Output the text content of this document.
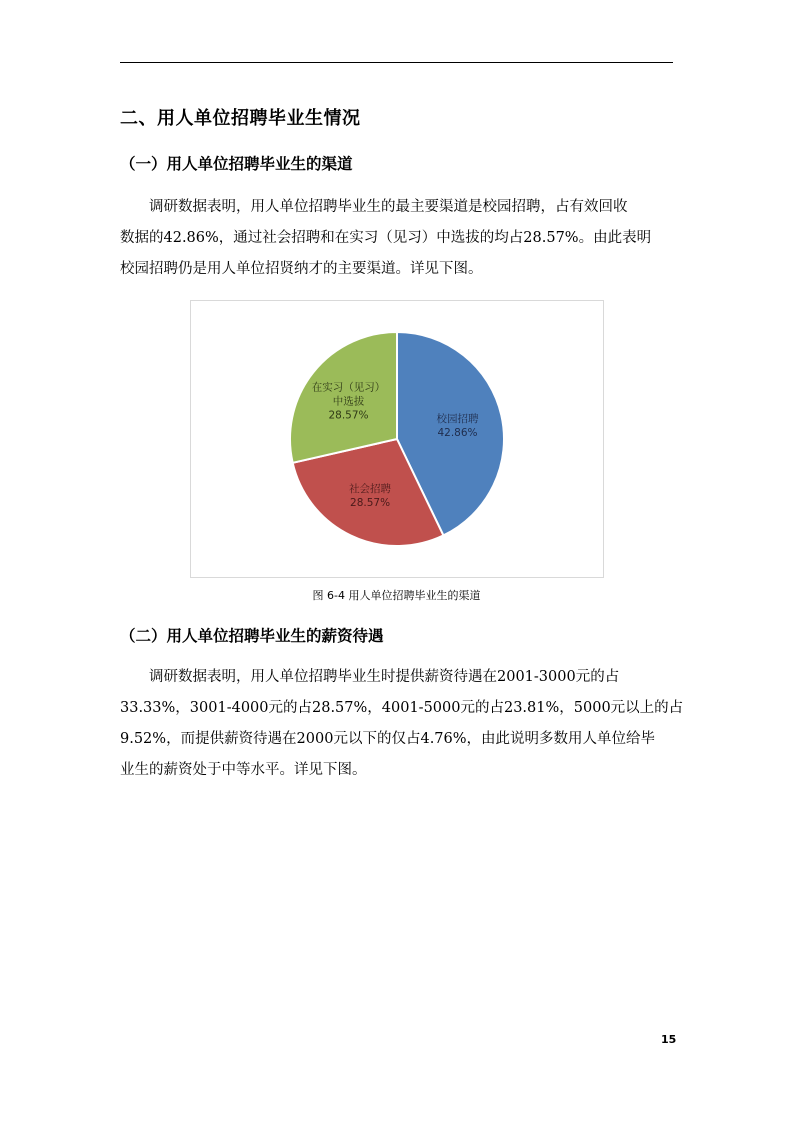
二、用人单位招聘毕业生情况
（一）用人单位招聘毕业生的渠道
调研数据表明，用人单位招聘毕业生的最主要渠道是校园招聘，占有效回收
数据的42.86%，通过社会招聘和在实习（见习）中选拔的均占28.57%。由此表明
校园招聘仍是用人单位招贤纳才的主要渠道。详见下图。
校园招聘
42.86%
社会招聘
28.57%
在实习（见习）
中选拔
28.57%
图 6-4 用人单位招聘毕业生的渠道
（二）用人单位招聘毕业生的薪资待遇
调研数据表明，用人单位招聘毕业生时提供薪资待遇在2001-3000元的占
33.33%，3001-4000元的占28.57%，4001-5000元的占23.81%，5000元以上的占
9.52%，而提供薪资待遇在2000元以下的仅占4.76%，由此说明多数用人单位给毕
业生的薪资处于中等水平。详见下图。
15
